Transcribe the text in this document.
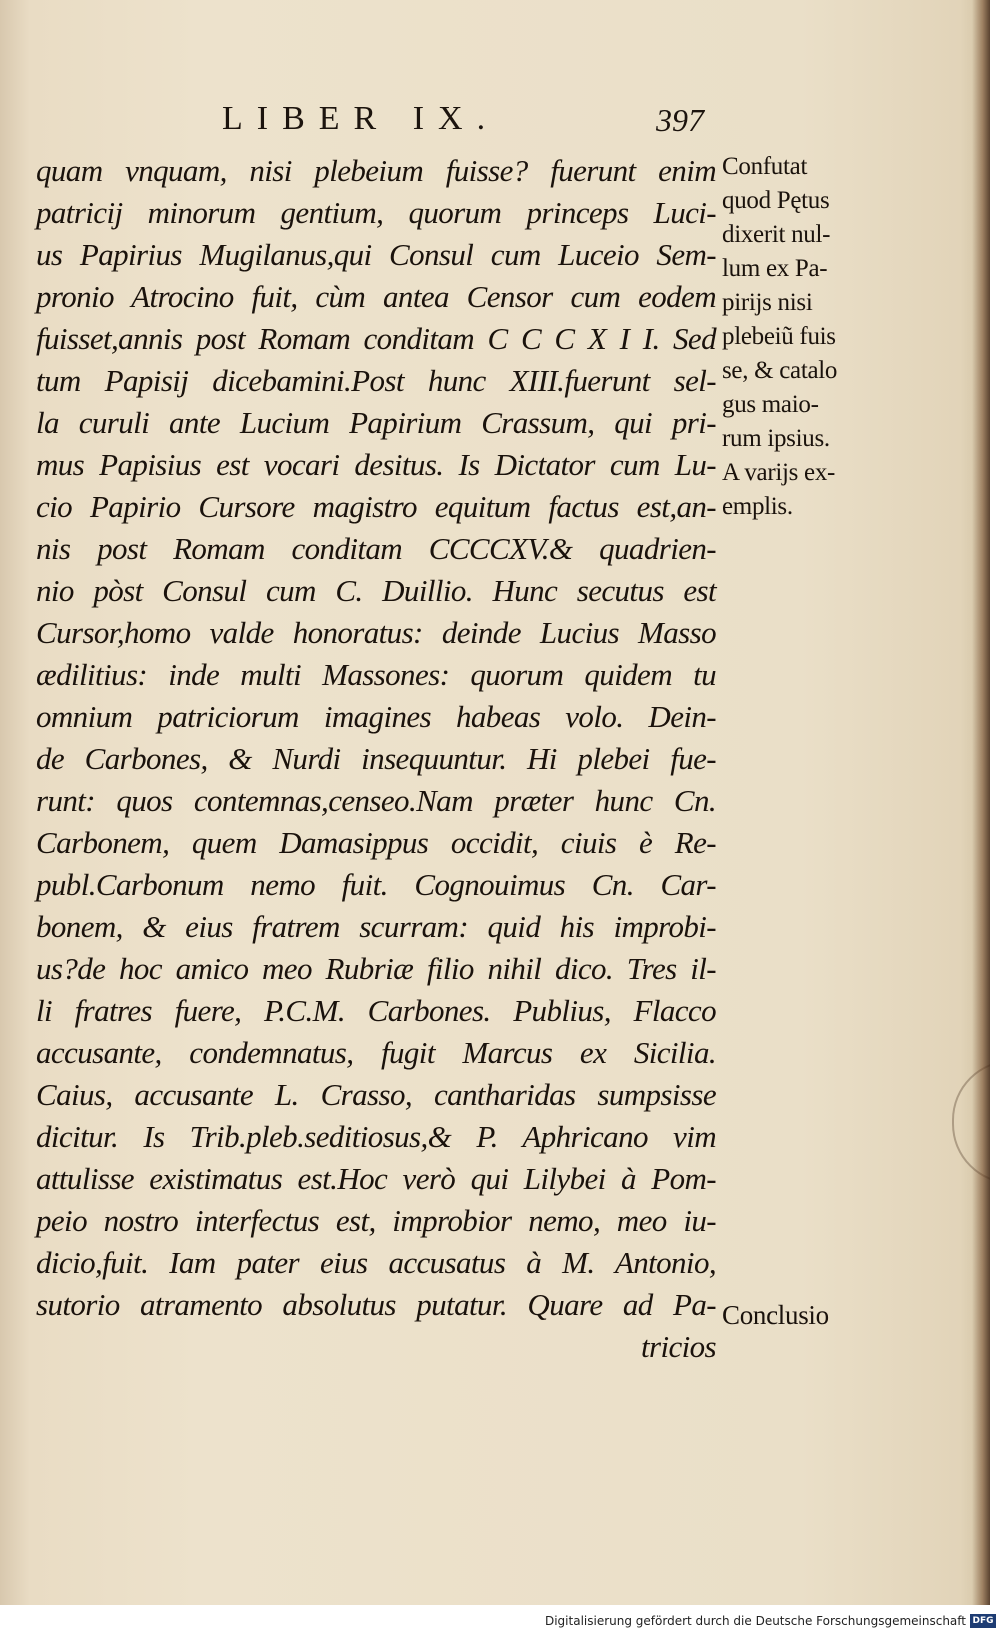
LIBER IX.	397
quam vnquam, nisi plebeium fuisse? fuerunt enim
patricij minorum gentium, quorum princeps Luci-
us Papirius Mugilanus,qui Consul cum Luceio Sem-
pronio Atrocino fuit, cùm antea Censor cum eodem
fuisset,annis post Romam conditam C C C X I I. Sed
tum Papisij dicebamini.Post hunc XIII.fuerunt sel-
la curuli ante Lucium Papirium Crassum, qui pri-
mus Papisius est vocari desitus. Is Dictator cum Lu-
cio Papirio Cursore magistro equitum factus est,an-
nis post Romam conditam CCCCXV.& quadrien-
nio pòst Consul cum C. Duillio. Hunc secutus est
Cursor,homo valde honoratus: deinde Lucius Masso
ædilitius: inde multi Massones: quorum quidem tu
omnium patriciorum imagines habeas volo. Dein-
de Carbones, & Nurdi insequuntur. Hi plebei fue-
runt: quos contemnas,censeo.Nam præter hunc Cn.
Carbonem, quem Damasippus occidit, ciuis è Re-
publ.Carbonum nemo fuit. Cognouimus Cn. Car-
bonem, & eius fratrem scurram: quid his improbi-
us?de hoc amico meo Rubriæ filio nihil dico. Tres il-
li fratres fuere, P.C.M. Carbones. Publius, Flacco
accusante, condemnatus, fugit Marcus ex Sicilia.
Caius, accusante L. Crasso, cantharidas sumpsisse
dicitur. Is Trib.pleb.seditiosus,& P. Aphricano vim
attulisse existimatus est.Hoc verò qui Lilybei à Pom-
peio nostro interfectus est, improbior nemo, meo iu-
dicio,fuit. Iam pater eius accusatus à M. Antonio,
sutorio atramento absolutus putatur. Quare ad Pa-
tricios
Confutat
quod Pętus
dixerit nul-
lum ex Pa-
pirijs nisi
plebeiũ fuis
se, & catalo
gus maio-
rum ipsius.
A varijs ex-
emplis.
Conclusio
Digitalisierung gefördert durch die Deutsche Forschungsgemeinschaft DFG
